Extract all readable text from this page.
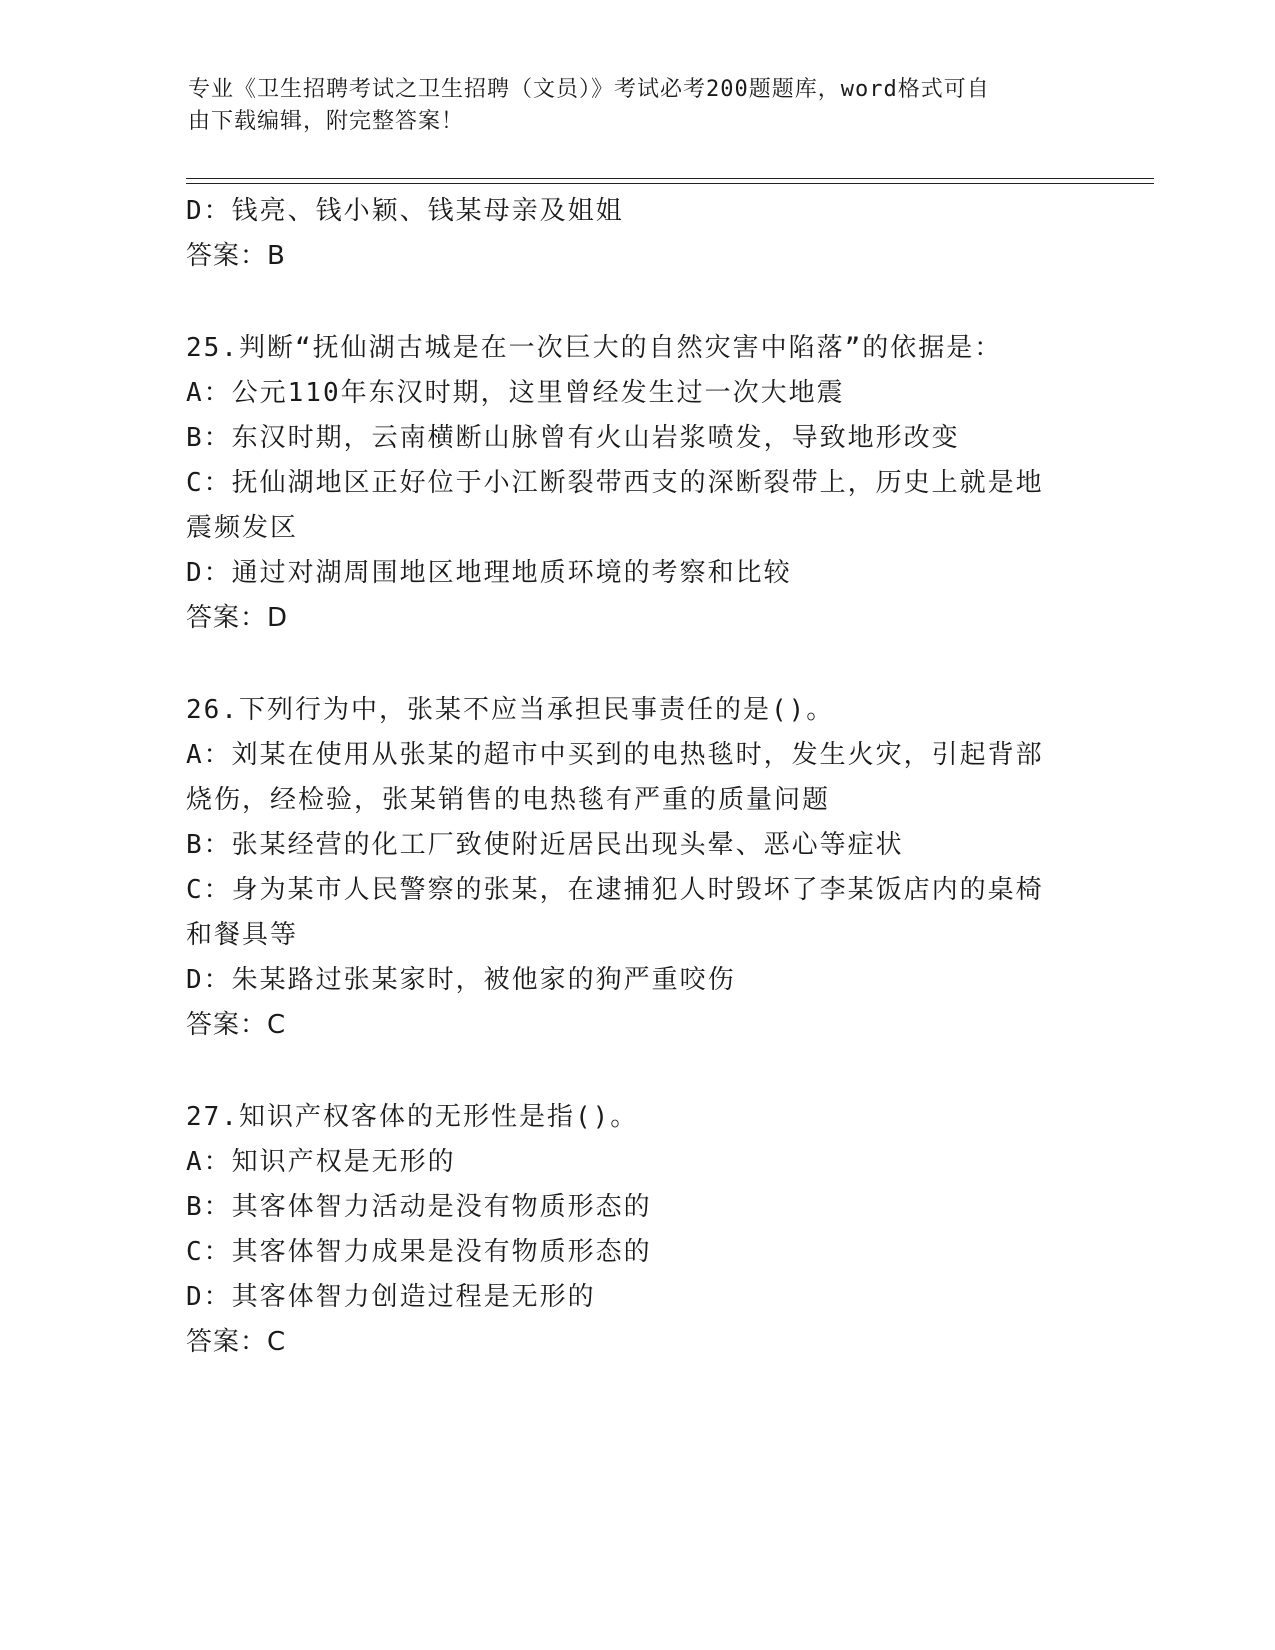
专业《卫生招聘考试之卫生招聘（文员）》考试必考200题题库，word格式可自
由下载编辑，附完整答案！

D：钱亮、钱小颖、钱某母亲及姐姐

答案：B

25.判断“抚仙湖古城是在一次巨大的自然灾害中陷落”的依据是：

A：公元110年东汉时期，这里曾经发生过一次大地震

B：东汉时期，云南横断山脉曾有火山岩浆喷发，导致地形改变

C：抚仙湖地区正好位于小江断裂带西支的深断裂带上，历史上就是地

震频发区

D：通过对湖周围地区地理地质环境的考察和比较

答案：D

26.下列行为中，张某不应当承担民事责任的是()。

A：刘某在使用从张某的超市中买到的电热毯时，发生火灾，引起背部

烧伤，经检验，张某销售的电热毯有严重的质量问题

B：张某经营的化工厂致使附近居民出现头晕、恶心等症状

C：身为某市人民警察的张某，在逮捕犯人时毁坏了李某饭店内的桌椅

和餐具等

D：朱某路过张某家时，被他家的狗严重咬伤

答案：C

27.知识产权客体的无形性是指()。

A：知识产权是无形的

B：其客体智力活动是没有物质形态的

C：其客体智力成果是没有物质形态的

D：其客体智力创造过程是无形的

答案：C
